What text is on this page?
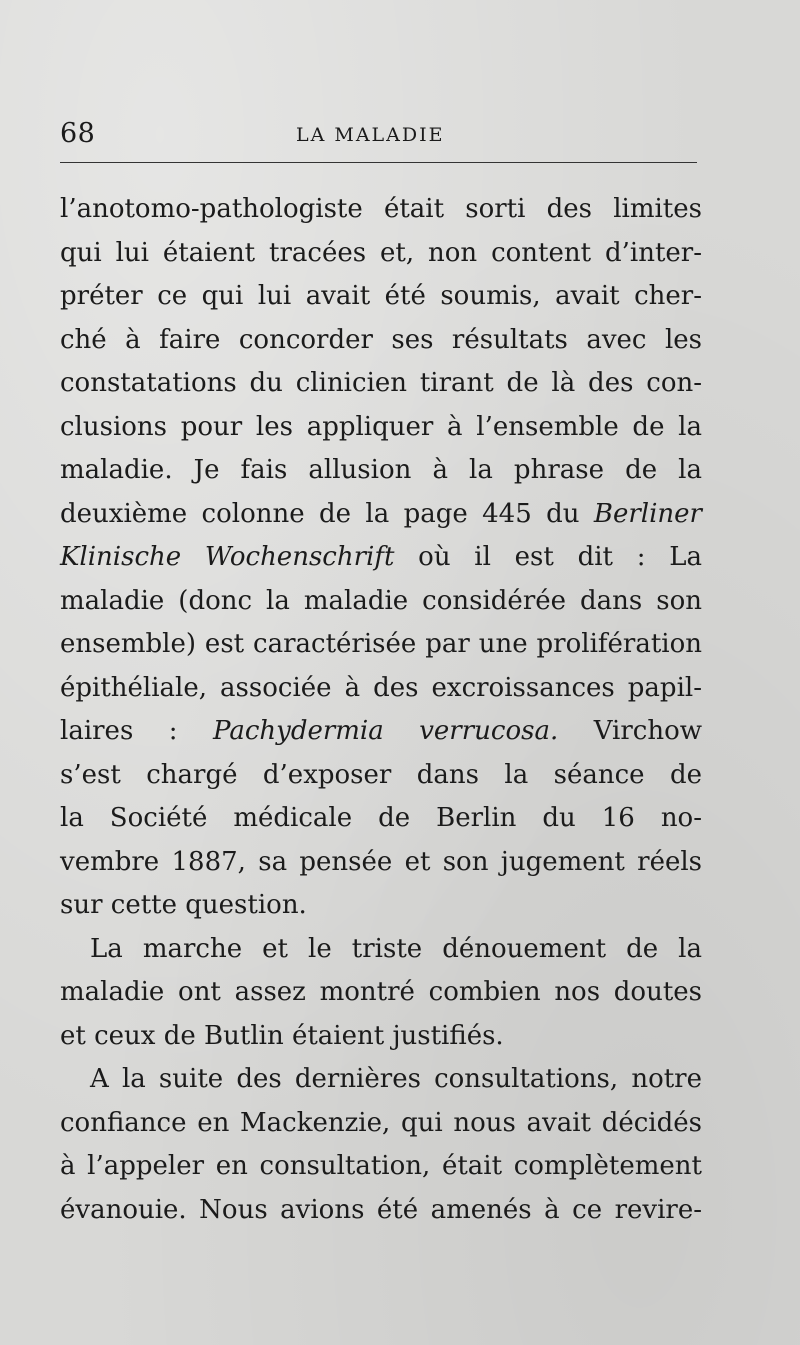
68	LA MALADIE

l’anotomo-pathologiste était sorti des limites
qui lui étaient tracées et, non content d’inter-
préter ce qui lui avait été soumis, avait cher-
ché à faire concorder ses résultats avec les
constatations du clinicien tirant de là des con-
clusions pour les appliquer à l’ensemble de la
maladie. Je fais allusion à la phrase de la
deuxième colonne de la page 445 du Berliner
Klinische Wochenschrift où il est dit : La
maladie (donc la maladie considérée dans son
ensemble) est caractérisée par une prolifération
épithéliale, associée à des excroissances papil-
laires : Pachydermia verrucosa. Virchow
s’est chargé d’exposer dans la séance de
la Société médicale de Berlin du 16 no-
vembre 1887, sa pensée et son jugement réels
sur cette question.

La marche et le triste dénouement de la
maladie ont assez montré combien nos doutes
et ceux de Butlin étaient justifiés.

A la suite des dernières consultations, notre
confiance en Mackenzie, qui nous avait décidés
à l’appeler en consultation, était complètement
évanouie. Nous avions été amenés à ce revire-
